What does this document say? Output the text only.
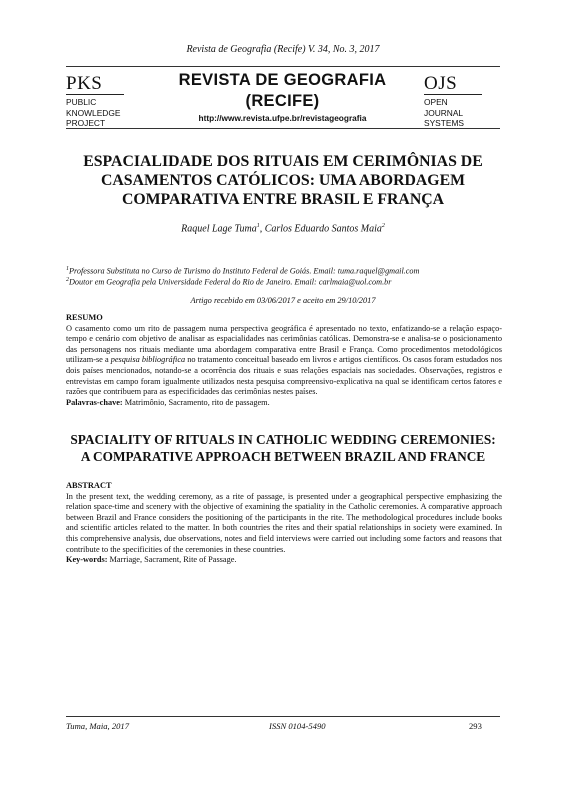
Revista de Geografia (Recife) V. 34, No. 3, 2017
PKS
PUBLIC
KNOWLEDGE
PROJECT
REVISTA DE GEOGRAFIA
(RECIFE)
http://www.revista.ufpe.br/revistageografia
OJS
OPEN
JOURNAL
SYSTEMS
ESPACIALIDADE DOS RITUAIS EM CERIMÔNIAS DE
CASAMENTOS CATÓLICOS: UMA ABORDAGEM
COMPARATIVA ENTRE BRASIL E FRANÇA
Raquel Lage Tuma$^1$, Carlos Eduardo Santos Maia$^2$
$^1$Professora Substituta no Curso de Turismo do Instituto Federal de Goiás. Email: tuma.raquel@gmail.com
$^2$Doutor em Geografia pela Universidade Federal do Rio de Janeiro. Email: carlmaia@uol.com.br
Artigo recebido em 03/06/2017 e aceito em 29/10/2017
RESUMO
O casamento como um rito de passagem numa perspectiva geográfica é apresentado no texto, enfatizando-se a relação espaço-tempo e cenário com objetivo de analisar as espacialidades nas cerimônias católicas. Demonstra-se e analisa-se o posicionamento das personagens nos rituais mediante uma abordagem comparativa entre Brasil e França. Como procedimentos metodológicos utilizam-se a pesquisa bibliográfica no tratamento conceitual baseado em livros e artigos científicos. Os casos foram estudados nos dois países mencionados, notando-se a ocorrência dos rituais e suas relações espaciais nas sociedades. Observações, registros e entrevistas em campo foram igualmente utilizados nesta pesquisa compreensivo-explicativa na qual se identificam certos fatores e razões que contribuem para as especificidades das cerimônias nestes países.
Palavras-chave: Matrimônio, Sacramento, rito de passagem.
SPACIALITY OF RITUALS IN CATHOLIC WEDDING CEREMONIES:
A COMPARATIVE APPROACH BETWEEN BRAZIL AND FRANCE
ABSTRACT
In the present text, the wedding ceremony, as a rite of passage, is presented under a geographical perspective emphasizing the relation space-time and scenery with the objective of examining the spatiality in the Catholic ceremonies. A comparative approach between Brazil and France considers the positioning of the participants in the rite. The methodological procedures include books and scientific articles related to the matter. In both countries the rites and their spatial relationships in society were examined. In this comprehensive analysis, due observations, notes and field interviews were carried out including some factors and reasons that contribute to the specificities of the ceremonies in these countries.
Key-words: Marriage, Sacrament, Rite of Passage.
Tuma, Maia, 2017	ISSN 0104-5490	293
